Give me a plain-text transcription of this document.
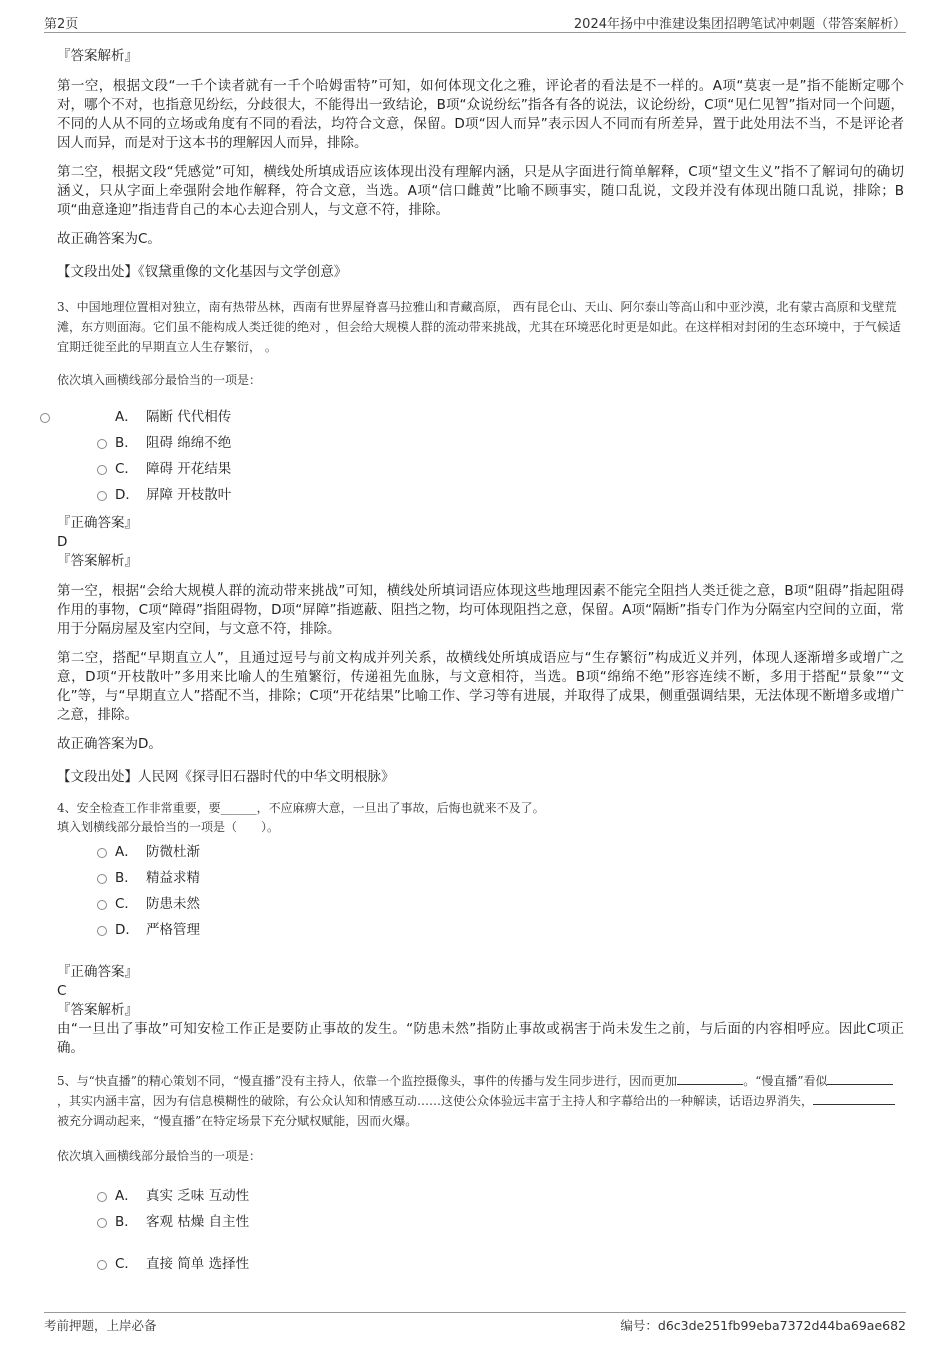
第2页	2024年扬中中淮建设集团招聘笔试冲刺题（带答案解析）

『答案解析』

第一空，根据文段“一千个读者就有一千个哈姆雷特”可知，如何体现文化之雅，评论者的看法是不一样的。A项“莫衷一是”指不能断定哪个对，哪个不对，也指意见纷纭，分歧很大，不能得出一致结论，B项“众说纷纭”指各有各的说法，议论纷纷，C项“见仁见智”指对同一个问题，不同的人从不同的立场或角度有不同的看法，均符合文意，保留。D项“因人而异”表示因人不同而有所差异，置于此处用法不当，不是评论者因人而异，而是对于这本书的理解因人而异，排除。

第二空，根据文段“凭感觉”可知，横线处所填成语应该体现出没有理解内涵，只是从字面进行简单解释，C项“望文生义”指不了解词句的确切涵义，只从字面上牵强附会地作解释，符合文意，当选。A项“信口雌黄”比喻不顾事实，随口乱说，文段并没有体现出随口乱说，排除；B项“曲意逢迎”指违背自己的本心去迎合别人，与文意不符，排除。

故正确答案为C。

【文段出处】《钗黛重像的文化基因与文学创意》

3、中国地理位置相对独立，南有热带丛林，西南有世界屋脊喜马拉雅山和青藏高原， 西有昆仑山、天山、阿尔泰山等高山和中亚沙漠，北有蒙古高原和戈壁荒滩，东方则面海。它们虽不能构成人类迁徙的绝对 ，但会给大规模人群的流动带来挑战，尤其在环境恶化时更是如此。在这样相对封闭的生态环境中，于气候适宜期迁徙至此的早期直立人生存繁衍， 。

依次填入画横线部分最恰当的一项是：

A． 隔断 代代相传
B． 阻碍 绵绵不绝
C． 障碍 开花结果
D． 屏障 开枝散叶

『正确答案』

D

『答案解析』

第一空，根据“会给大规模人群的流动带来挑战”可知，横线处所填词语应体现这些地理因素不能完全阻挡人类迁徙之意，B项“阻碍”指起阻碍作用的事物，C项“障碍”指阻碍物，D项“屏障”指遮蔽、阻挡之物，均可体现阻挡之意，保留。A项“隔断”指专门作为分隔室内空间的立面，常用于分隔房屋及室内空间，与文意不符，排除。

第二空，搭配“早期直立人”，且通过逗号与前文构成并列关系，故横线处所填成语应与“生存繁衍”构成近义并列，体现人逐渐增多或增广之意，D项“开枝散叶”多用来比喻人的生殖繁衍，传递祖先血脉，与文意相符，当选。B项“绵绵不绝”形容连续不断，多用于搭配“景象”“文化”等，与“早期直立人”搭配不当，排除；C项“开花结果”比喻工作、学习等有进展，并取得了成果，侧重强调结果，无法体现不断增多或增广之意，排除。

故正确答案为D。

【文段出处】人民网《探寻旧石器时代的中华文明根脉》

4、安全检查工作非常重要，要______，不应麻痹大意，一旦出了事故，后悔也就来不及了。

填入划横线部分最恰当的一项是（　　）。

A． 防微杜渐
B． 精益求精
C． 防患未然
D． 严格管理

『正确答案』

C

『答案解析』

由“一旦出了事故”可知安检工作正是要防止事故的发生。“防患未然”指防止事故或祸害于尚未发生之前，与后面的内容相呼应。因此C项正确。

5、与“快直播”的精心策划不同，“慢直播”没有主持人，依靠一个监控摄像头，事件的传播与发生同步进行，因而更加	。“慢直播”看似，其实内涵丰富，因为有信息模糊性的破除，有公众认知和情感互动……这使公众体验远丰富于主持人和字幕给出的一种解读，话语边界消失，被充分调动起来，“慢直播”在特定场景下充分赋权赋能，因而火爆。

依次填入画横线部分最恰当的一项是：

A． 真实 乏味 互动性
B． 客观 枯燥 自主性
C． 直接 简单 选择性
考前押题，上岸必备	编号：d6c3de251fb99eba7372d44ba69ae682
